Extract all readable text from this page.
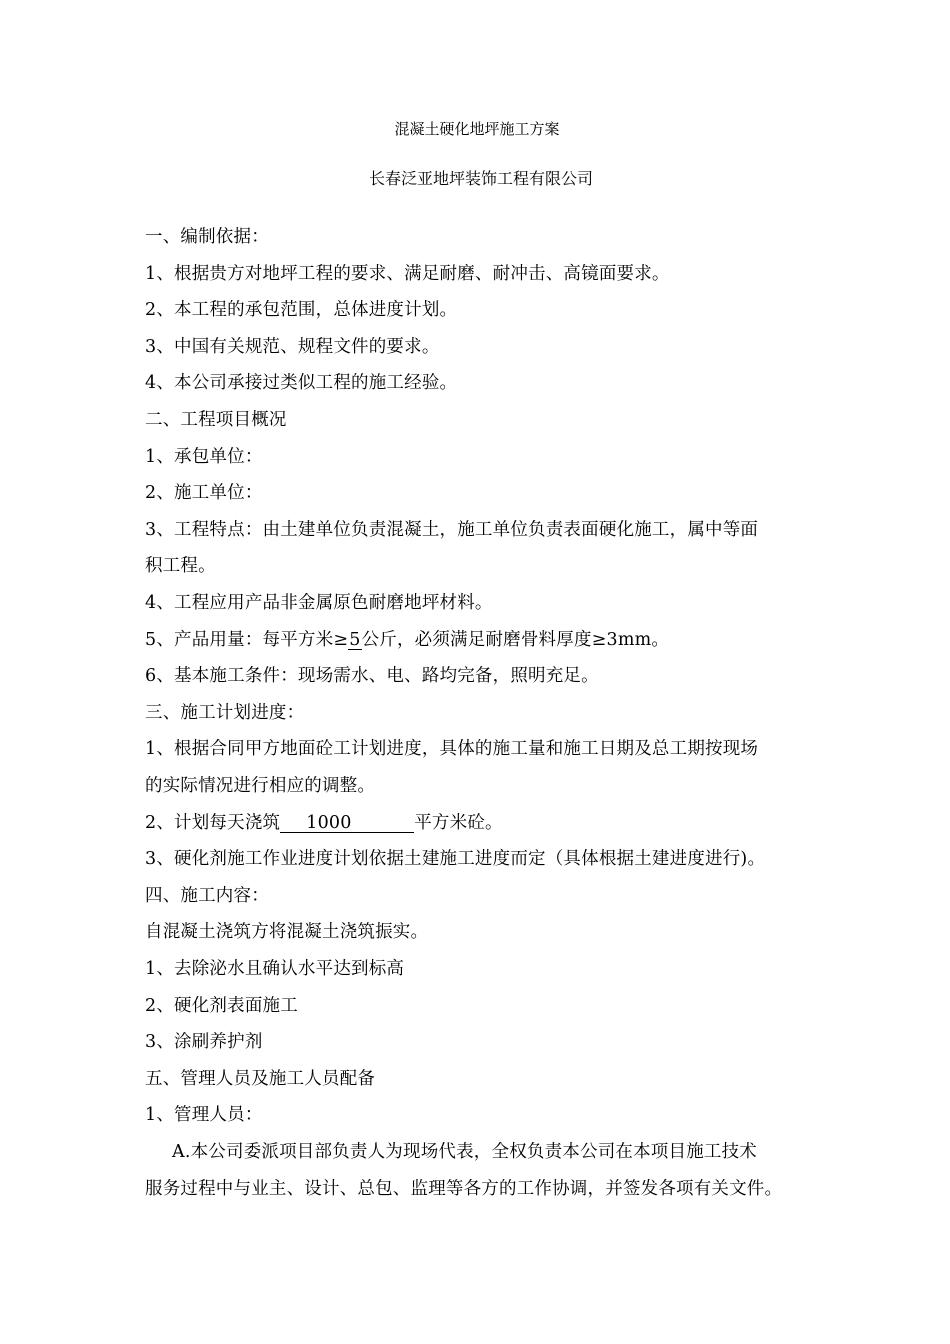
混凝土硬化地坪施工方案
长春泛亚地坪装饰工程有限公司
一、编制依据：
1、根据贵方对地坪工程的要求、满足耐磨、耐冲击、高镜面要求。
2、本工程的承包范围，总体进度计划。
3、中国有关规范、规程文件的要求。
4、本公司承接过类似工程的施工经验。
二、工程项目概况
1、承包单位：
2、施工单位：
3、工程特点：由土建单位负责混凝土，施工单位负责表面硬化施工，属中等面
积工程。
4、工程应用产品非金属原色耐磨地坪材料。
5、产品用量：每平方米≥5公斤，必须满足耐磨骨料厚度≥3mm。
6、基本施工条件：现场需水、电、路均完备，照明充足。
三、施工计划进度：
1、根据合同甲方地面砼工计划进度，具体的施工量和施工日期及总工期按现场
的实际情况进行相应的调整。
2、计划每天浇筑 1000	平方米砼。
3、硬化剂施工作业进度计划依据土建施工进度而定（具体根据土建进度进行)。
四、施工内容：
自混凝土浇筑方将混凝土浇筑振实。
1、去除泌水且确认水平达到标高
2、硬化剂表面施工
3、涂刷养护剂
五、管理人员及施工人员配备
1、管理人员：
A.本公司委派项目部负责人为现场代表，全权负责本公司在本项目施工技术
服务过程中与业主、设计、总包、监理等各方的工作协调，并签发各项有关文件。
